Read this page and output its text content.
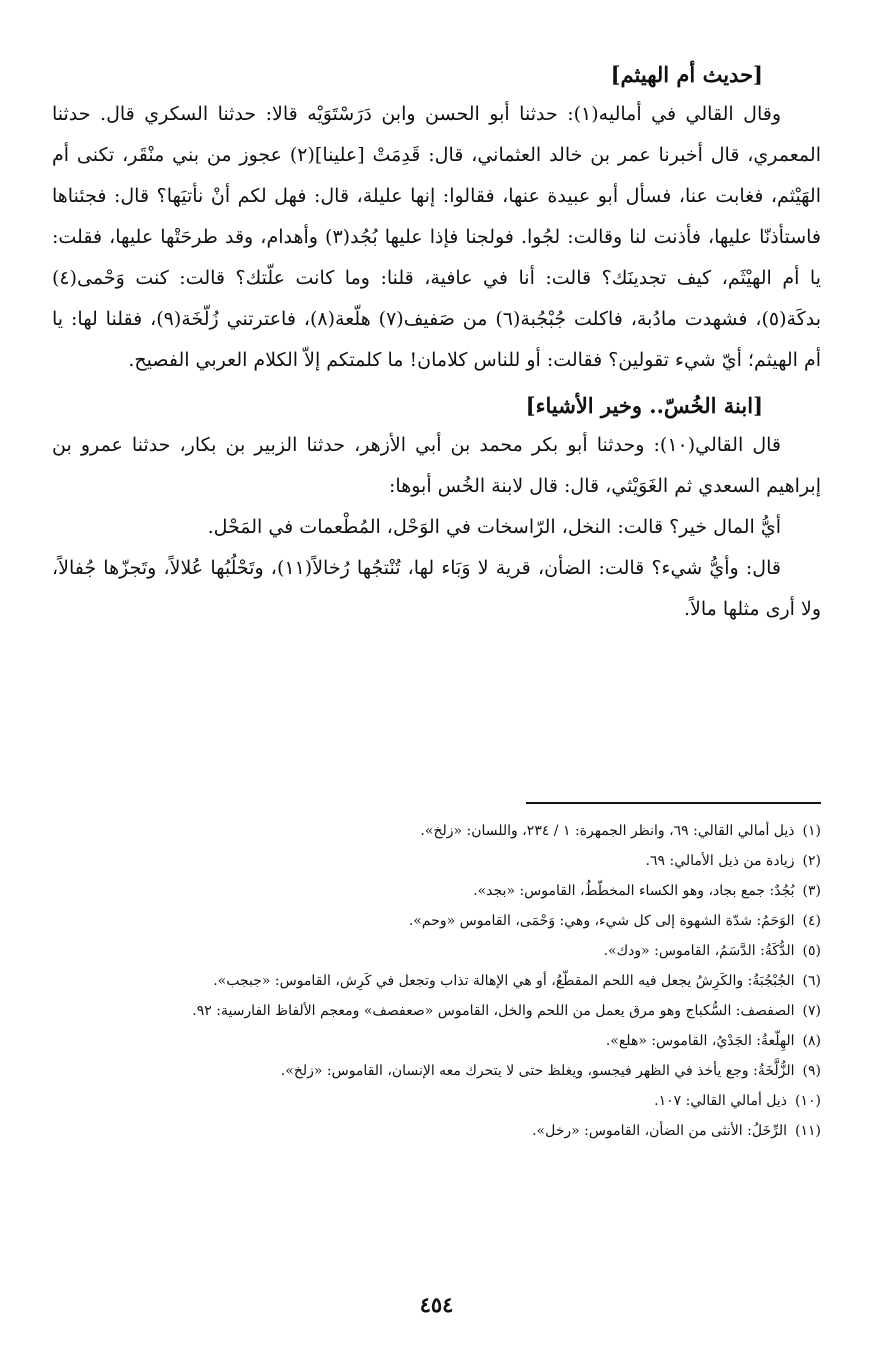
[حديث أم الهيثم]

وقال القالي في أماليه(١): حدثنا أبو الحسن وابن دَرَسْتَوَيْه قالا: حدثنا السكري قال. حدثنا المعمري، قال أخبرنا عمر بن خالد العثماني، قال: قَدِمَتْ [علينا](٢) عجوز من بني منْقَر، تكنى أم الهَيْثم، فغابت عنا، فسأل أبو عبيدة عنها، فقالوا: إنها عليلة، قال: فهل لكم أنْ نأتيَها؟ قال: فجئناها فاستأذنّا عليها، فأذنت لنا وقالت: لجُوا. فولجنا فإذا عليها بُجُد(٣) وأهدام، وقد طرحَتْها عليها، فقلت: يا أم الهيْثَم، كيف تجدينَك؟ قالت: أنا في عافية، قلنا: وما كانت علّتك؟ قالت: كنت وَحْمى(٤) بدكَة(٥)، فشهدت مادُبة، فاكلت جُبْجُبة(٦) من صَفيف(٧) هلّعة(٨)، فاعترتني زُلّخَة(٩)، فقلنا لها: يا أم الهيثم؛ أيّ شيء تقولين؟ فقالت: أو للناس كلامان! ما كلمتكم إلاّ الكلام العربي الفصيح.

[ابنة الخُسّ.. وخير الأشياء]

قال القالي(١٠): وحدثنا أبو بكر محمد بن أبي الأزهر، حدثنا الزبير بن بكار، حدثنا عمرو بن إبراهيم السعدي ثم الغَوَيْثي، قال: قال لابنة الخُس أبوها:

أيُّ المال خير؟ قالت: النخل، الرّاسخات في الوَحْل، المُطْعمات في المَحْل.

قال: وأيُّ شيء؟ قالت: الضأن، قرية لا وَبَاء لها، تُنْتجُها رُخالاً(١١)، وتَحْلُبُها عُلالاً، وتَجزّها جُفالاً، ولا أرى مثلها مالاً.

(١)
ذيل أمالي القالي: ٦٩، وانظر الجمهرة: ١ / ٢٣٤، واللسان: «زلخ».
(٢)
زيادة من ذيل الأمالي: ٦٩.
(٣)
بُجُدٌ: جمع بجاد، وهو الكساء المخطّطُ، القاموس: «بجد».
(٤)
الوَحَمُ: شدّة الشهوة إلى كل شيء، وهي: وَحْمَى، القاموس «وحم».
(٥)
الدُّكَةُ: الدَّسَمُ، القاموس: «ودك».
(٦)
الجُبْجُبَةُ: والكَرِشُ يجعل فيه اللحم المقطّعُ، أو هي الإهالة تذاب وتجعل في كَرِش، القاموس: «جبجب».
(٧)
الصفصف: السُّكباج وهو مرق يعمل من اللحم والخل، القاموس «صعفصف» ومعجم الألفاظ الفارسية: ٩٢.
(٨)
الهِلّعةُ: الجَدْيُ، القاموس: «هلع».
(٩)
الزُّلَّخَةُ: وجع يأخذ في الظهر فيجسو، ويغلظ حتى لا يتحرك معه الإنسان، القاموس: «زلخ».
(١٠)
ذيل أمالي القالي: ١٠٧.
(١١)
الرِّخَلُ: الأنثى من الضأن، القاموس: «رخل».
٤٥٤
